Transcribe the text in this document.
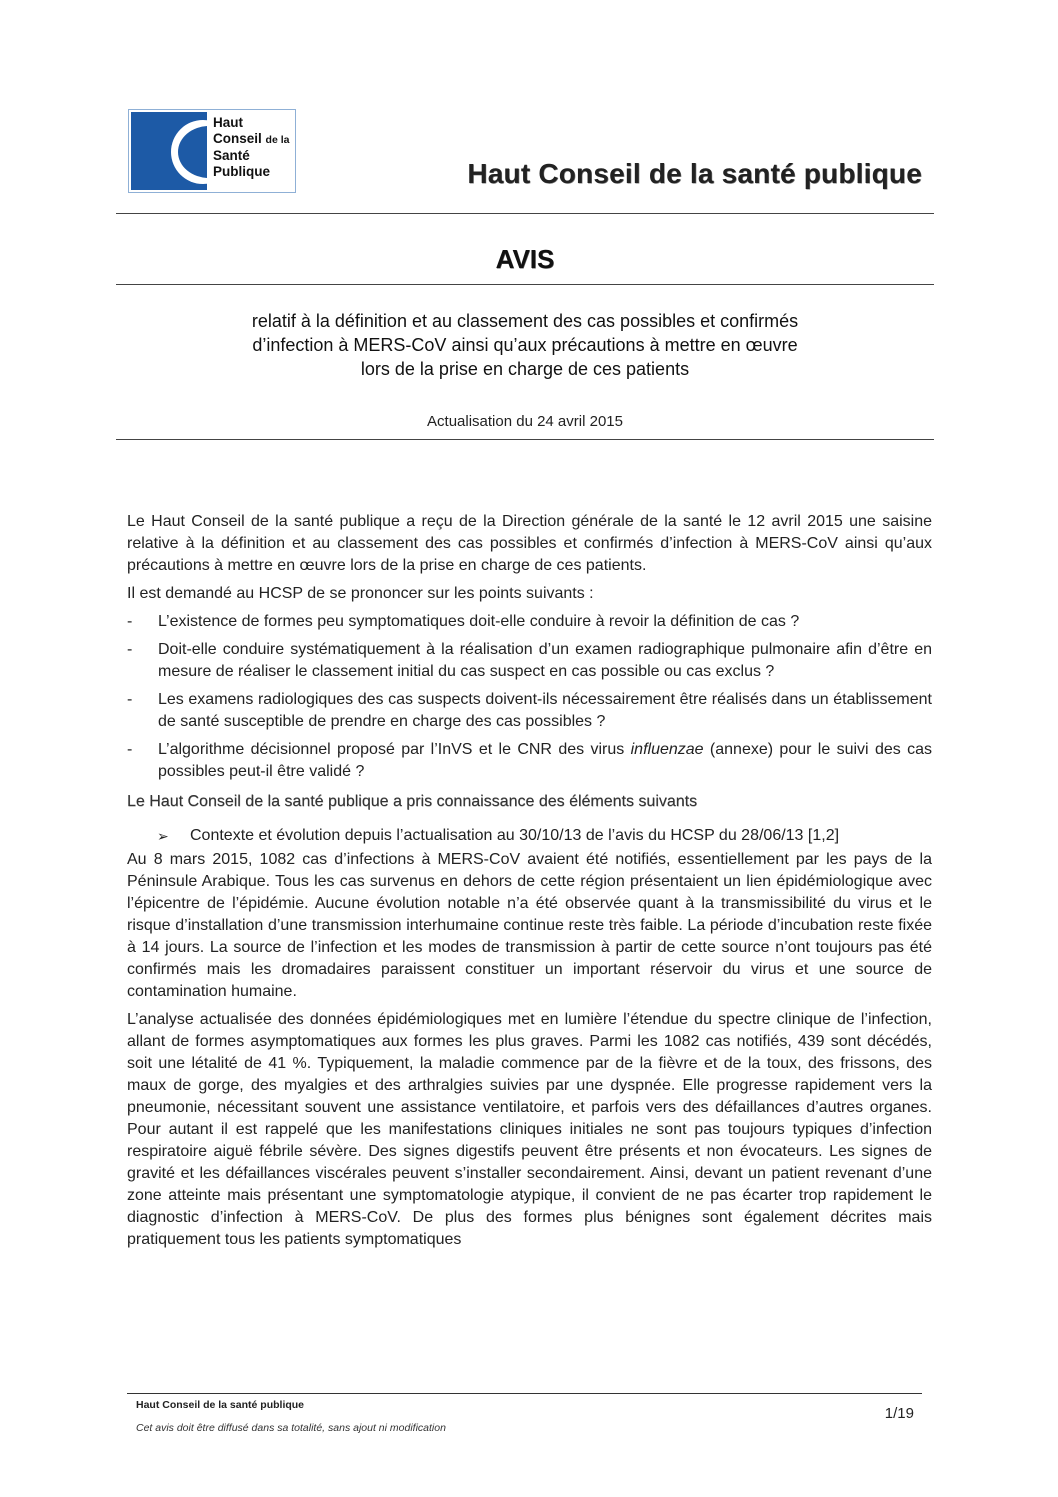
Haut
Conseil de la
Santé
Publique	Haut Conseil de la santé publique
AVIS
relatif à la définition et au classement des cas possibles et confirmés
d’infection à MERS-CoV ainsi qu’aux précautions à mettre en œuvre
lors de la prise en charge de ces patients
Actualisation du 24 avril 2015

Le Haut Conseil de la santé publique a reçu de la Direction générale de la santé le 12 avril 2015 une saisine relative à la définition et au classement des cas possibles et confirmés d’infection à MERS-CoV ainsi qu’aux précautions à mettre en œuvre lors de la prise en charge de ces patients.

Il est demandé au HCSP de se prononcer sur les points suivants :

- L’existence de formes peu symptomatiques doit-elle conduire à revoir la définition de cas ?
- Doit-elle conduire systématiquement à la réalisation d’un examen radiographique pulmonaire afin d’être en mesure de réaliser le classement initial du cas suspect en cas possible ou cas exclus ?
- Les examens radiologiques des cas suspects doivent-ils nécessairement être réalisés dans un établissement de santé susceptible de prendre en charge des cas possibles ?
- L’algorithme décisionnel proposé par l’InVS et le CNR des virus influenzae (annexe) pour le suivi des cas possibles peut-il être validé ?

Le Haut Conseil de la santé publique a pris connaissance des éléments suivants

➢ Contexte et évolution depuis l’actualisation au 30/10/13 de l’avis du HCSP du 28/06/13 [1,2]

Au 8 mars 2015, 1082 cas d’infections à MERS-CoV avaient été notifiés, essentiellement par les pays de la Péninsule Arabique. Tous les cas survenus en dehors de cette région présentaient un lien épidémiologique avec l’épicentre de l’épidémie. Aucune évolution notable n’a été observée quant à la transmissibilité du virus et le risque d’installation d’une transmission interhumaine continue reste très faible. La période d’incubation reste fixée à 14 jours. La source de l’infection et les modes de transmission à partir de cette source n’ont toujours pas été confirmés mais les dromadaires paraissent constituer un important réservoir du virus et une source de contamination humaine.

L’analyse actualisée des données épidémiologiques met en lumière l’étendue du spectre clinique de l’infection, allant de formes asymptomatiques aux formes les plus graves. Parmi les 1082 cas notifiés, 439 sont décédés, soit une létalité de 41 %. Typiquement, la maladie commence par de la fièvre et de la toux, des frissons, des maux de gorge, des myalgies et des arthralgies suivies par une dyspnée. Elle progresse rapidement vers la pneumonie, nécessitant souvent une assistance ventilatoire, et parfois vers des défaillances d’autres organes. Pour autant il est rappelé que les manifestations cliniques initiales ne sont pas toujours typiques d’infection respiratoire aiguë fébrile sévère. Des signes digestifs peuvent être présents et non évocateurs. Les signes de gravité et les défaillances viscérales peuvent s’installer secondairement. Ainsi, devant un patient revenant d’une zone atteinte mais présentant une symptomatologie atypique, il convient de ne pas écarter trop rapidement le diagnostic d’infection à MERS-CoV. De plus des formes plus bénignes sont également décrites mais pratiquement tous les patients symptomatiques

Haut Conseil de la santé publique	1/19
Cet avis doit être diffusé dans sa totalité, sans ajout ni modification
